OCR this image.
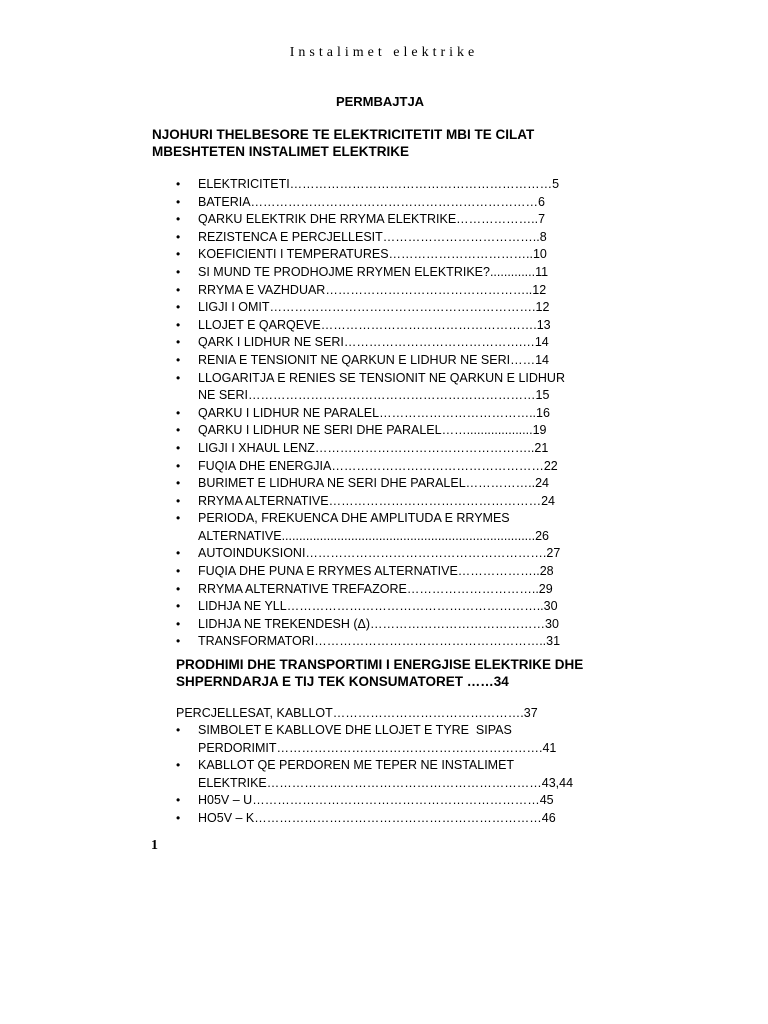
Instalimet elektrike
PERMBAJTJA
NJOHURI THELBESORE TE ELEKTRICITETIT MBI TE CILAT
MBESHTETEN INSTALIMET ELEKTRIKE
• ELEKTRICITETI………………………………………………………5
• BATERIA……………………………………………………………6
• QARKU ELEKTRIK DHE RRYMA ELEKTRIKE………………..7
• REZISTENCA E PERCJELLESIT………………………………..8
• KOEFICIENTI I TEMPERATURES……………………………..10
• SI MUND TE PRODHOJME RRYMEN ELEKTRIKE?.............11
• RRYMA E VAZHDUAR…………………………………………..12
• LIGJI I OMIT……………………………………………………….12
• LLOJET E QARQEVE…………………………………………….13
• QARK I LIDHUR NE SERI…………………………………….…14
• RENIA E TENSIONIT NE QARKUN E LIDHUR NE SERI……14
• LLOGARITJA E RENIES SE TENSIONIT NE QARKUN E LIDHUR
NE SERI……………………………………………………………15
• QARKU I LIDHUR NE PARALEL………………………………..16
• QARKU I LIDHUR NE SERI DHE PARALEL……...................19
• LIGJI I XHAUL LENZ……………………………………………..21
• FUQIA DHE ENERGJIA……………………………………………22
• BURIMET E LIDHURA NE SERI DHE PARALEL……………..24
• RRYMA ALTERNATIVE……………………………………………24
• PERIODA, FREKUENCA DHE AMPLITUDA E RRYMES
ALTERNATIVE.........................................................................26
• AUTOINDUKSIONI………………………………………………….27
• FUQIA DHE PUNA E RRYMES ALTERNATIVE………………..28
• RRYMA ALTERNATIVE TREFAZORE…………………………..29
• LIDHJA NE YLL……………………………………………………..30
• LIDHJA NE TREKENDESH (Δ)……………………………………30
• TRANSFORMATORI………………………………………………..31
PRODHIMI DHE TRANSPORTIMI I ENERGJISE ELEKTRIKE DHE
SHPERNDARJA E TIJ TEK KONSUMATORET ……34
PERCJELLESAT, KABLLOT……………………………………….37
• SIMBOLET E KABLLOVE DHE LLOJET E TYRE  SIPAS
PERDORIMIT……………………………………………………….41
• KABLLOT QE PERDOREN ME TEPER NE INSTALIMET
ELEKTRIKE…………………………………………………………43,44
• H05V – U……………………………………………………………45
• HO5V – K……………………………………………………………46
1
